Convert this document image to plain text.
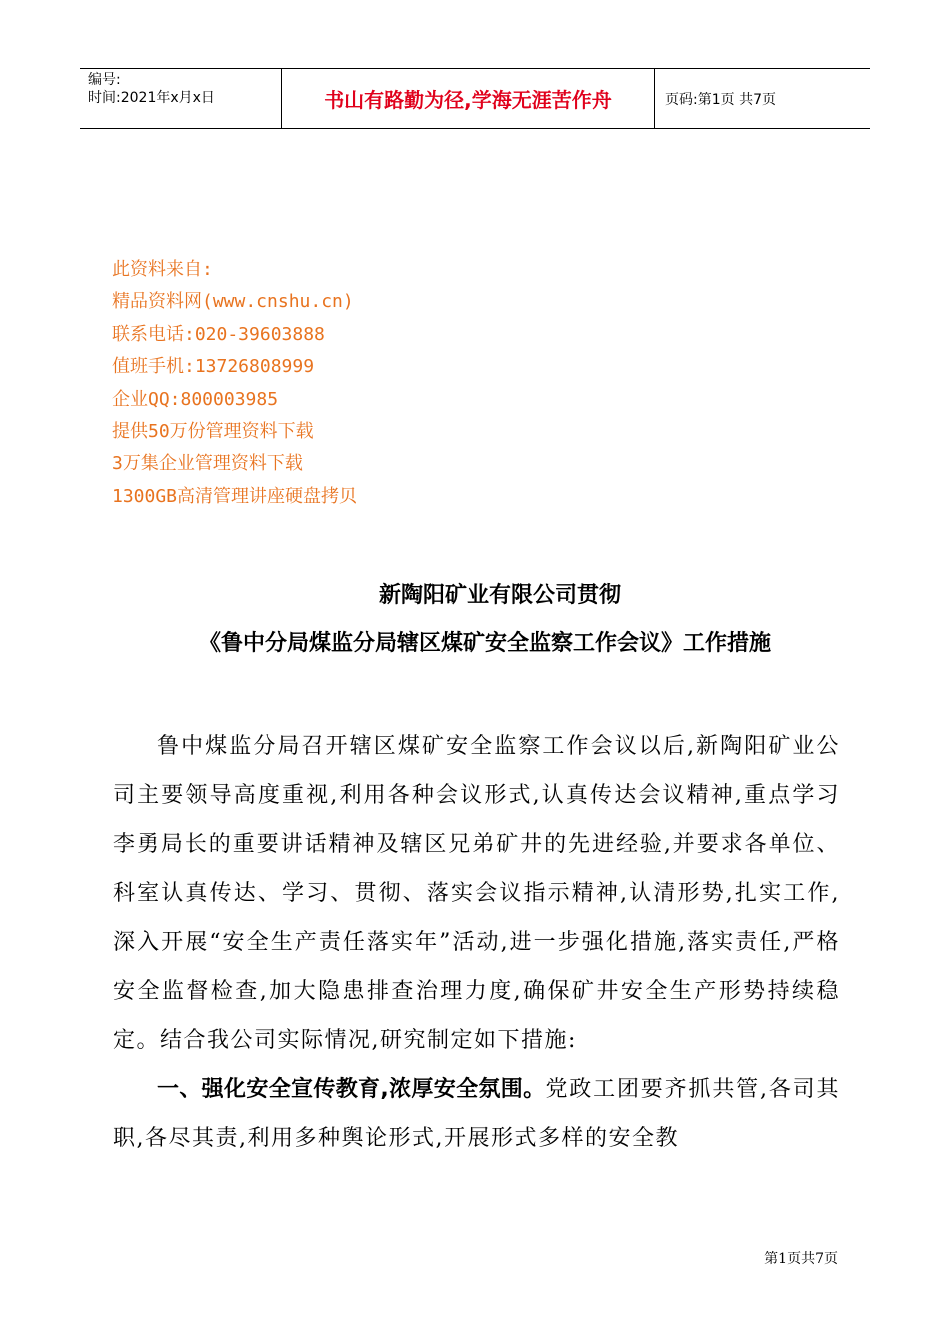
编号:
时间:2021年x月x日	书山有路勤为径,学海无涯苦作舟	页码:第1页 共7页
此资料来自:
精品资料网(www.cnshu.cn)
联系电话:020-39603888
值班手机:13726808999
企业QQ:800003985
提供50万份管理资料下载
3万集企业管理资料下载
1300GB高清管理讲座硬盘拷贝
新陶阳矿业有限公司贯彻
《鲁中分局煤监分局辖区煤矿安全监察工作会议》工作措施

鲁中煤监分局召开辖区煤矿安全监察工作会议以后,新陶阳矿业公司主要领导高度重视,利用各种会议形式,认真传达会议精神,重点学习李勇局长的重要讲话精神及辖区兄弟矿井的先进经验,并要求各单位、科室认真传达、学习、贯彻、落实会议指示精神,认清形势,扎实工作,深入开展“安全生产责任落实年”活动,进一步强化措施,落实责任,严格安全监督检查,加大隐患排查治理力度,确保矿井安全生产形势持续稳定。结合我公司实际情况,研究制定如下措施:

一、强化安全宣传教育,浓厚安全氛围。党政工团要齐抓共管,各司其职,各尽其责,利用多种舆论形式,开展形式多样的安全教

第1页共7页
